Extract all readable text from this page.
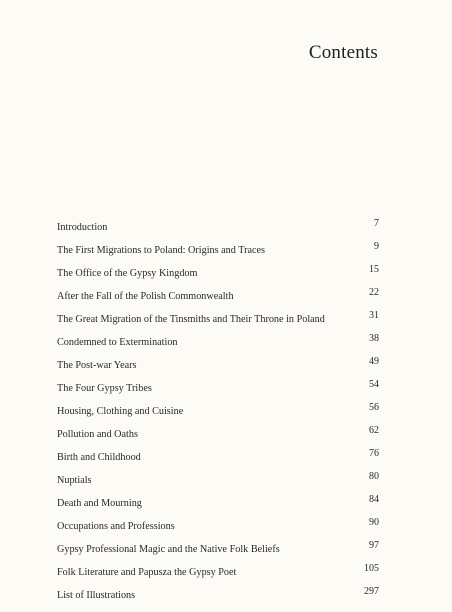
Contents
Introduction	7
The First Migrations to Poland: Origins and Traces	9
The Office of the Gypsy Kingdom	15
After the Fall of the Polish Commonwealth	22
The Great Migration of the Tinsmiths and Their Throne in Poland	31
Condemned to Extermination	38
The Post-war Years	49
The Four Gypsy Tribes	54
Housing, Clothing and Cuisine	56
Pollution and Oaths	62
Birth and Childhood	76
Nuptials	80
Death and Mourning	84
Occupations and Professions	90
Gypsy Professional Magic and the Native Folk Beliefs	97
Folk Literature and Papusza the Gypsy Poet	105
List of Illustrations	297
